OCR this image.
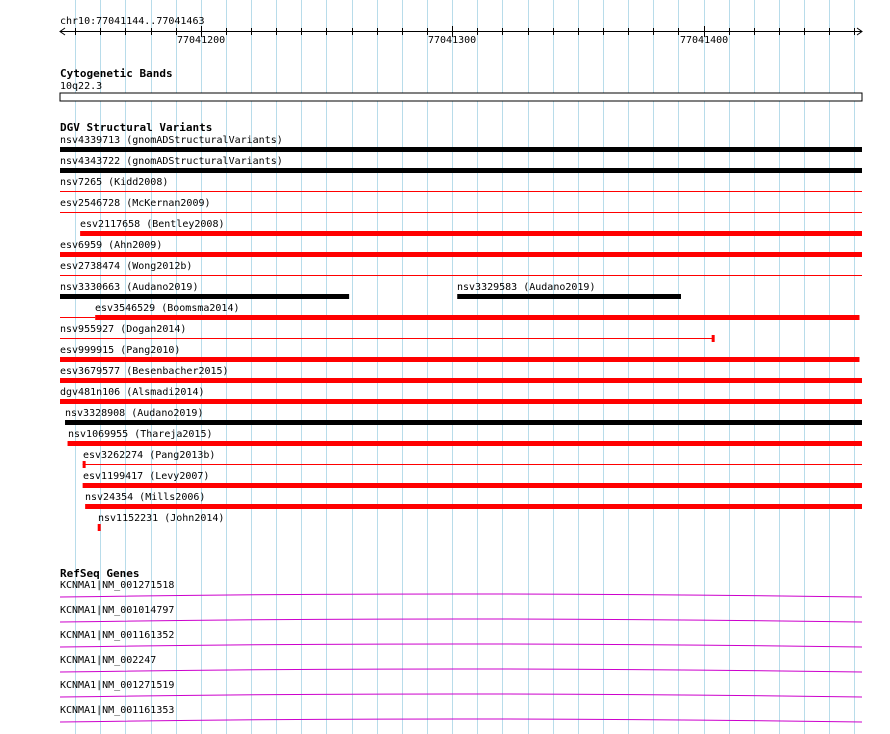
chr10:77041144..77041463
Cytogenetic Bands
10q22.3
DGV Structural Variants
RefSeq Genes
77041200	77041300	77041400
nsv4339713 (gnomADStructuralVariants)
nsv4343722 (gnomADStructuralVariants)
nsv7265 (Kidd2008)
esv2546728 (McKernan2009)
esv2117658 (Bentley2008)
esv6959 (Ahn2009)
esv2738474 (Wong2012b)
nsv3330663 (Audano2019)	nsv3329583 (Audano2019)
esv3546529 (Boomsma2014)
nsv955927 (Dogan2014)
esv999915 (Pang2010)
esv3679577 (Besenbacher2015)
dgv481n106 (Alsmadi2014)
nsv3328908 (Audano2019)
nsv1069955 (Thareja2015)
esv3262274 (Pang2013b)
esv1199417 (Levy2007)
nsv24354 (Mills2006)
nsv1152231 (John2014)
KCNMA1|NM_001271518
KCNMA1|NM_001014797
KCNMA1|NM_001161352
KCNMA1|NM_002247
KCNMA1|NM_001271519
KCNMA1|NM_001161353
